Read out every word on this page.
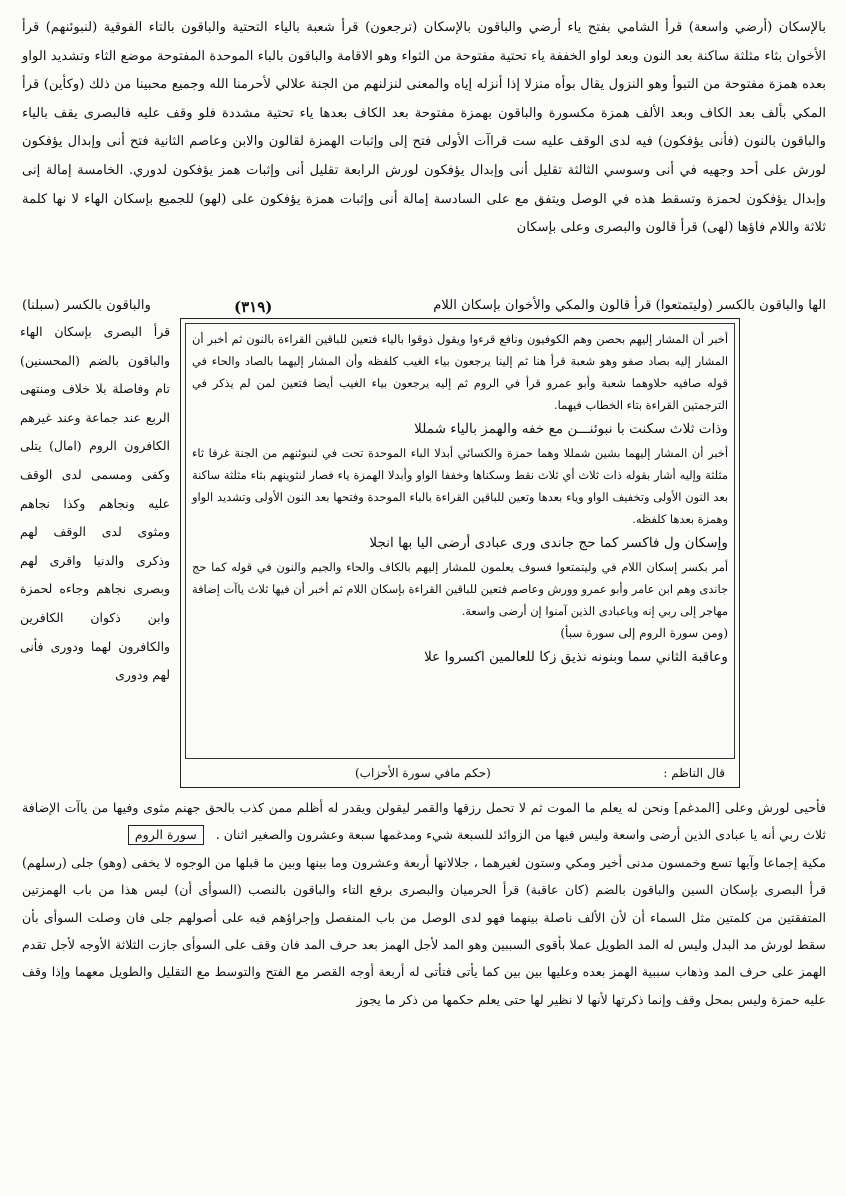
بالإسكان (أرضي واسعة) قرأ الشامي بفتح ياء أرضي والباقون بالإسكان (ترجعون) قرأ شعبة بالياء التحتية والباقون بالتاء الفوقية (لنبوئنهم) قرأ الأخوان بثاء مثلثة ساكنة بعد النون وبعد لواو الخففة ياء تحتية مفتوحة من الثواء وهو الاقامة والباقون بالباء الموحدة المفتوحة موضع الثاء وتشديد الواو بعده همزة مفتوحة من التبوأ وهو النزول يقال بوأه منزلا إذا أنزله إياه والمعنى لنزلنهم من الجنة علالي لأحرمنا الله وجميع محبينا من ذلك (وكأين) قرأ المكي بألف بعد الكاف وبعد الألف همزة مكسورة والباقون بهمزة مفتوحة بعد الكاف بعدها ياء تحتية مشددة فلو وقف عليه فالبصرى يقف بالياء والباقون بالنون (فأنى يؤفكون) فيه لدى الوقف عليه ست قراآت الأولى فتح إلى وإثبات الهمزة لقالون والابن وعاصم الثانية فتح أنى وإبدال يؤفكون لورش على أحد وجهيه في أنى وسوسي الثالثة تقليل أنى وإبدال يؤفكون لورش الرابعة تقليل أنى وإثبات همز يؤفكون لدوري. الخامسة إمالة إنى وإبدال يؤفكون لحمزة وتسقط هذه في الوصل ويتفق مع على السادسة إمالة أنى وإثبات همزة يؤفكون على (لهو) للجميع بإسكان الهاء لا نها كلمة ثلاثة واللام فاؤها (لهى) قرأ قالون والبصرى وعلى بإسكان
الها والباقون بالكسر (وليتمتعوا) قرأ قالون والمكي والأخوان بإسكان اللام
(٣١٩)
والباقون بالكسر (سبلنا)

أخبر أن المشار إليهم بحصن وهم الكوفيون ونافع قرءوا ويقول ذوقوا بالياء فتعين للباقين القراءة بالنون ثم أخبر أن المشار إليه بصاد صفو وهو شعبة قرأ هنا ثم إلينا يرجعون بياء الغيب كلفظه وأن المشار إليهما بالصاد والحاء في قوله صافيه حلاوهما شعبة وأبو عمرو قرأ في الروم ثم إليه يرجعون بياء الغيب أيضا فتعين لمن لم يذكر في الترجمتين القراءة بتاء الخطاب فيهما.

وذات ثلاث سكنت با نبوئنـــن مع خفه والهمز بالياء شمللا

أخبر أن المشار إليهما بشين شمللا وهما حمزة والكسائي أبدلا الباء الموحدة تحت في لنبوئنهم من الجنة غرفا ثاء مثلثة وإليه أشار بقوله ذات ثلاث أي ثلاث نقط وسكناها وخففا الواو وأبدلا الهمزة ياء فصار لنثوينهم بثاء مثلثة ساكنة بعد النون الأولى وتخفيف الواو وياء بعدها وتعين للباقين القراءة بالباء الموحدة وفتحها بعد النون الأولى وتشديد الواو وهمزة بعدها كلفظه.

وإسكان ول فاكسر كما حج جاندى ورى عبادى أرضى اليا بها انجلا

أمر بكسر إسكان اللام في وليتمتعوا فسوف يعلمون للمشار إليهم بالكاف والحاء والجيم والنون في قوله كما حج جاندى وهم ابن عامر وأبو عمرو وورش وعاصم فتعين للباقين القراءة بإسكان اللام ثم أخبر أن فيها ثلاث ياآت إضافة مهاجر إلى ربي إنه وياعبادى الذين آمنوا إن أرضى واسعة.

(ومن سورة الروم إلى سورة سبأ)

وعاقبة الثاني سما وبنونه نذيق زكا للعالمين اكسروا علا

قال الناظم :
(حكم مافي سورة الأحزاب)
قرأ البصرى بإسكان الهاء والباقون بالضم (المحسنين) تام وفاصلة بلا خلاف ومنتهى الربع عند جماعة وعند غيرهم الكافرون الروم (امال) يتلى وكفى ومسمى لدى الوقف عليه ونجاهم وكذا نجاهم ومثوى لدى الوقف لهم وذكرى والدنيا واقرى لهم وبصرى نجاهم وجاءه لحمزة وابن ذكوان الكافرين والكافرون لهما ودورى فأنى لهم ودورى

فأحيى لورش وعلى [المدغم] ونحن له يعلم ما الموت ثم لا تحمل رزقها والقمر ليقولن ويقدر له أظلم ممن كذب بالحق جهنم مثوى وفيها من ياآت الإضافة ثلاث ربي أنه يا عبادى الذين أرضى واسعة وليس فيها من الزوائد للسبعة شيء ومدغمها سبعة وعشرون والصغير اثنان . سورة الروم

مكية إجماعا وآيها تسع وخمسون مدنى أخير ومكي وستون لغيرهما ، جلالاتها أربعة وعشرون وما بينها وبين ما قبلها من الوجوه لا يخفى (وهو) جلى (رسلهم) قرأ البصرى بإسكان السين والباقون بالضم (كان عاقبة) قرأ الحرميان والبصرى برفع التاء والباقون بالنصب (السوأى أن) ليس هذا من باب الهمزتين المتفقتين من كلمتين مثل السماء أن لأن الألف ناصلة بينهما فهو لدى الوصل من باب المنفصل وإجراؤهم فيه على أصولهم جلى فان وصلت السوأى بأن سقط لورش مد البدل وليس له المد الطويل عملا بأقوى السببين وهو المد لأجل الهمز بعد حرف المد فان وقف على السوأى جازت الثلاثة الأوجه لأجل تقدم الهمز على حرف المد وذهاب سببية الهمز بعده وعليها بين بين كما يأتى فتأتى له أربعة أوجه القصر مع الفتح والتوسط مع التقليل والطويل معهما وإذا وقف عليه حمزة وليس بمحل وقف وإنما ذكرتها لأنها لا نظير لها حتى يعلم حكمها من ذكر ما يجوز
